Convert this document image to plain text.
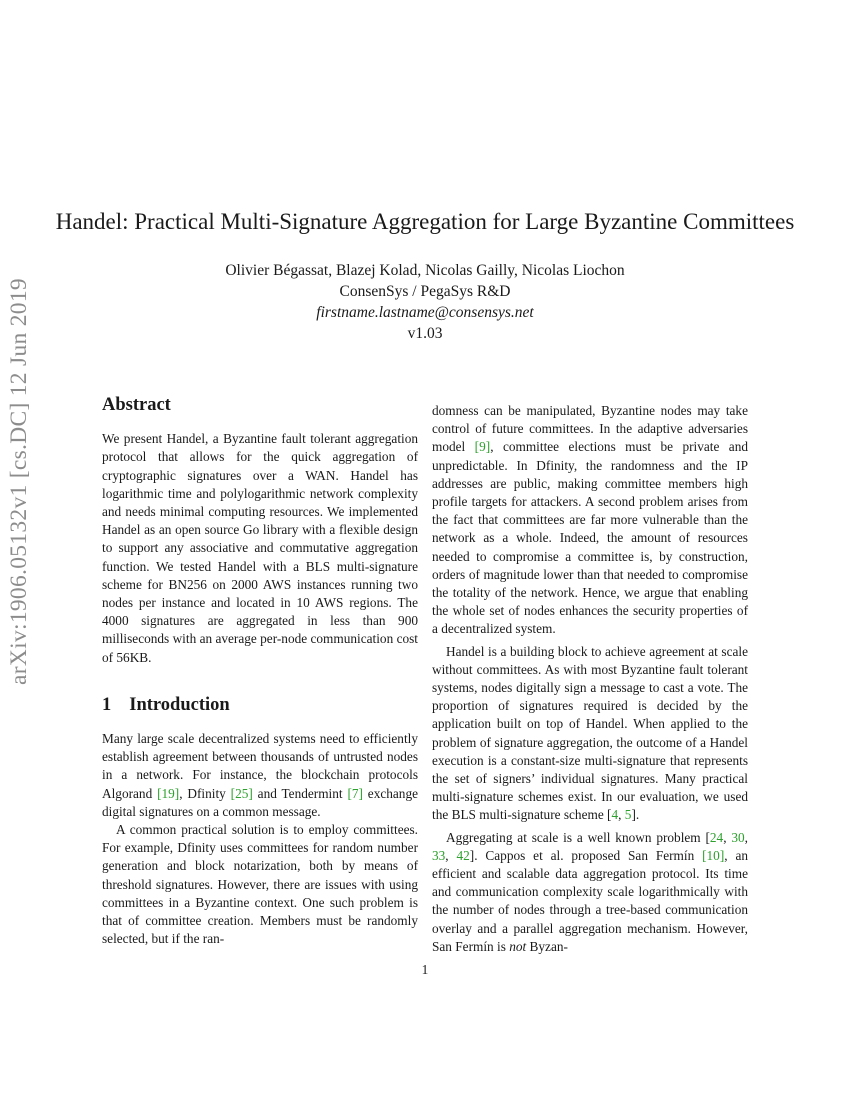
arXiv:1906.05132v1 [cs.DC] 12 Jun 2019
Handel: Practical Multi-Signature Aggregation for Large Byzantine Committees
Olivier Bégassat, Blazej Kolad, Nicolas Gailly, Nicolas Liochon
ConsenSys / PegaSys R&D
firstname.lastname@consensys.net
v1.03
Abstract

We present Handel, a Byzantine fault tolerant aggregation protocol that allows for the quick aggregation of cryptographic signatures over a WAN. Handel has logarithmic time and polylogarithmic network complexity and needs minimal computing resources. We implemented Handel as an open source Go library with a flexible design to support any associative and commutative aggregation function. We tested Handel with a BLS multi-signature scheme for BN256 on 2000 AWS instances running two nodes per instance and located in 10 AWS regions. The 4000 signatures are aggregated in less than 900 milliseconds with an average per-node communication cost of 56KB.

1 Introduction

Many large scale decentralized systems need to efficiently establish agreement between thousands of untrusted nodes in a network. For instance, the blockchain protocols Algorand [19], Dfinity [25] and Tendermint [7] exchange digital signatures on a common message.

A common practical solution is to employ committees. For example, Dfinity uses committees for random number generation and block notarization, both by means of threshold signatures. However, there are issues with using committees in a Byzantine context. One such problem is that of committee creation. Members must be randomly selected, but if the ran-

domness can be manipulated, Byzantine nodes may take control of future committees. In the adaptive adversaries model [9], committee elections must be private and unpredictable. In Dfinity, the randomness and the IP addresses are public, making committee members high profile targets for attackers. A second problem arises from the fact that committees are far more vulnerable than the network as a whole. Indeed, the amount of resources needed to compromise a committee is, by construction, orders of magnitude lower than that needed to compromise the totality of the network. Hence, we argue that enabling the whole set of nodes enhances the security properties of a decentralized system.

Handel is a building block to achieve agreement at scale without committees. As with most Byzantine fault tolerant systems, nodes digitally sign a message to cast a vote. The proportion of signatures required is decided by the application built on top of Handel. When applied to the problem of signature aggregation, the outcome of a Handel execution is a constant-size multi-signature that represents the set of signers’ individual signatures. Many practical multi-signature schemes exist. In our evaluation, we used the BLS multi-signature scheme [4, 5].

Aggregating at scale is a well known problem [24, 30, 33, 42]. Cappos et al. proposed San Fermín [10], an efficient and scalable data aggregation protocol. Its time and communication complexity scale logarithmically with the number of nodes through a tree-based communication overlay and a parallel aggregation mechanism. However, San Fermín is not Byzan-

1
